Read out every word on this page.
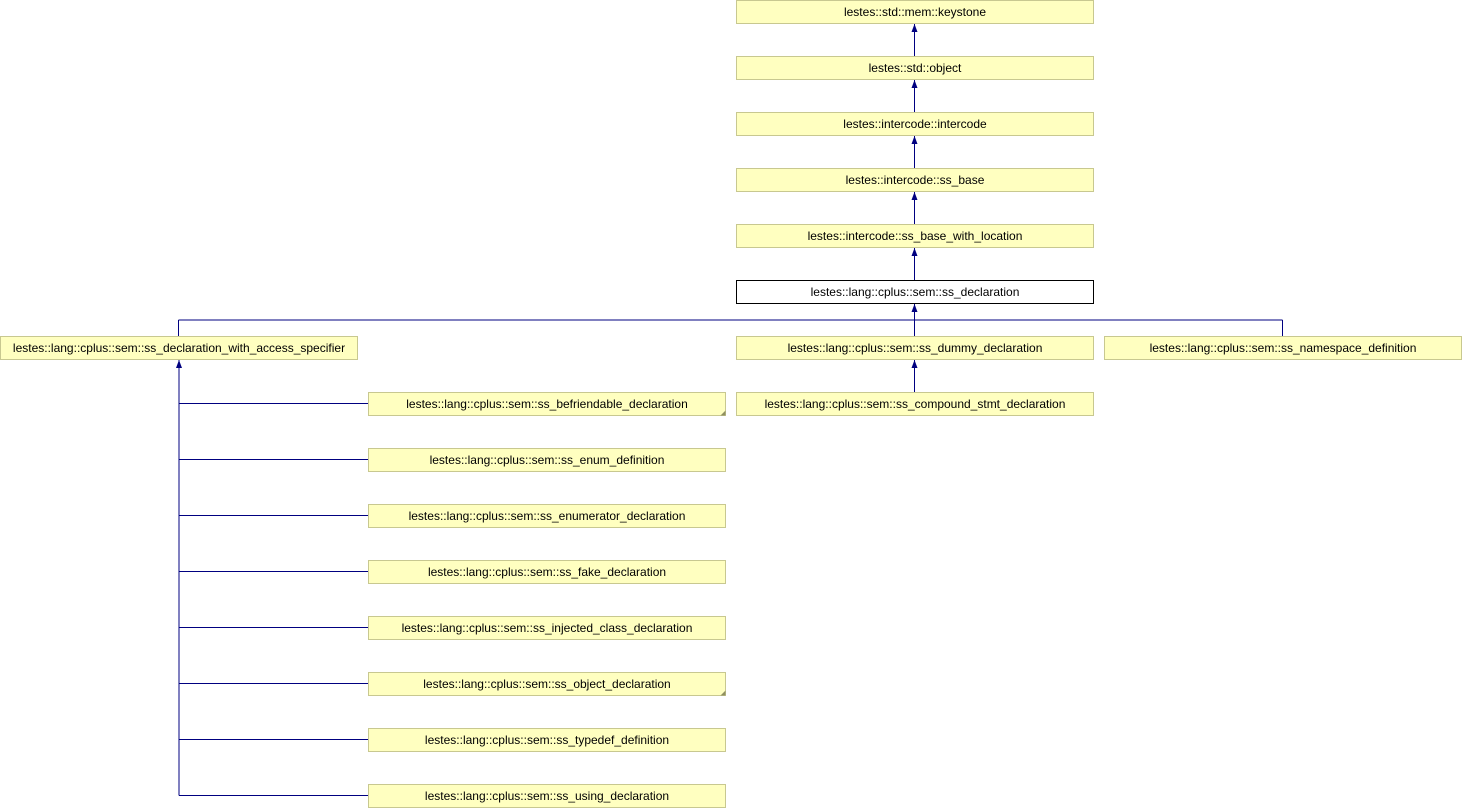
lestes::std::mem::keystone
lestes::std::object
lestes::intercode::intercode
lestes::intercode::ss_base
lestes::intercode::ss_base_with_location
lestes::lang::cplus::sem::ss_declaration
lestes::lang::cplus::sem::ss_declaration_with_access_specifier	lestes::lang::cplus::sem::ss_dummy_declaration	lestes::lang::cplus::sem::ss_namespace_definition
lestes::lang::cplus::sem::ss_compound_stmt_declaration
lestes::lang::cplus::sem::ss_befriendable_declaration
lestes::lang::cplus::sem::ss_enum_definition
lestes::lang::cplus::sem::ss_enumerator_declaration
lestes::lang::cplus::sem::ss_fake_declaration
lestes::lang::cplus::sem::ss_injected_class_declaration
lestes::lang::cplus::sem::ss_object_declaration
lestes::lang::cplus::sem::ss_typedef_definition
lestes::lang::cplus::sem::ss_using_declaration
